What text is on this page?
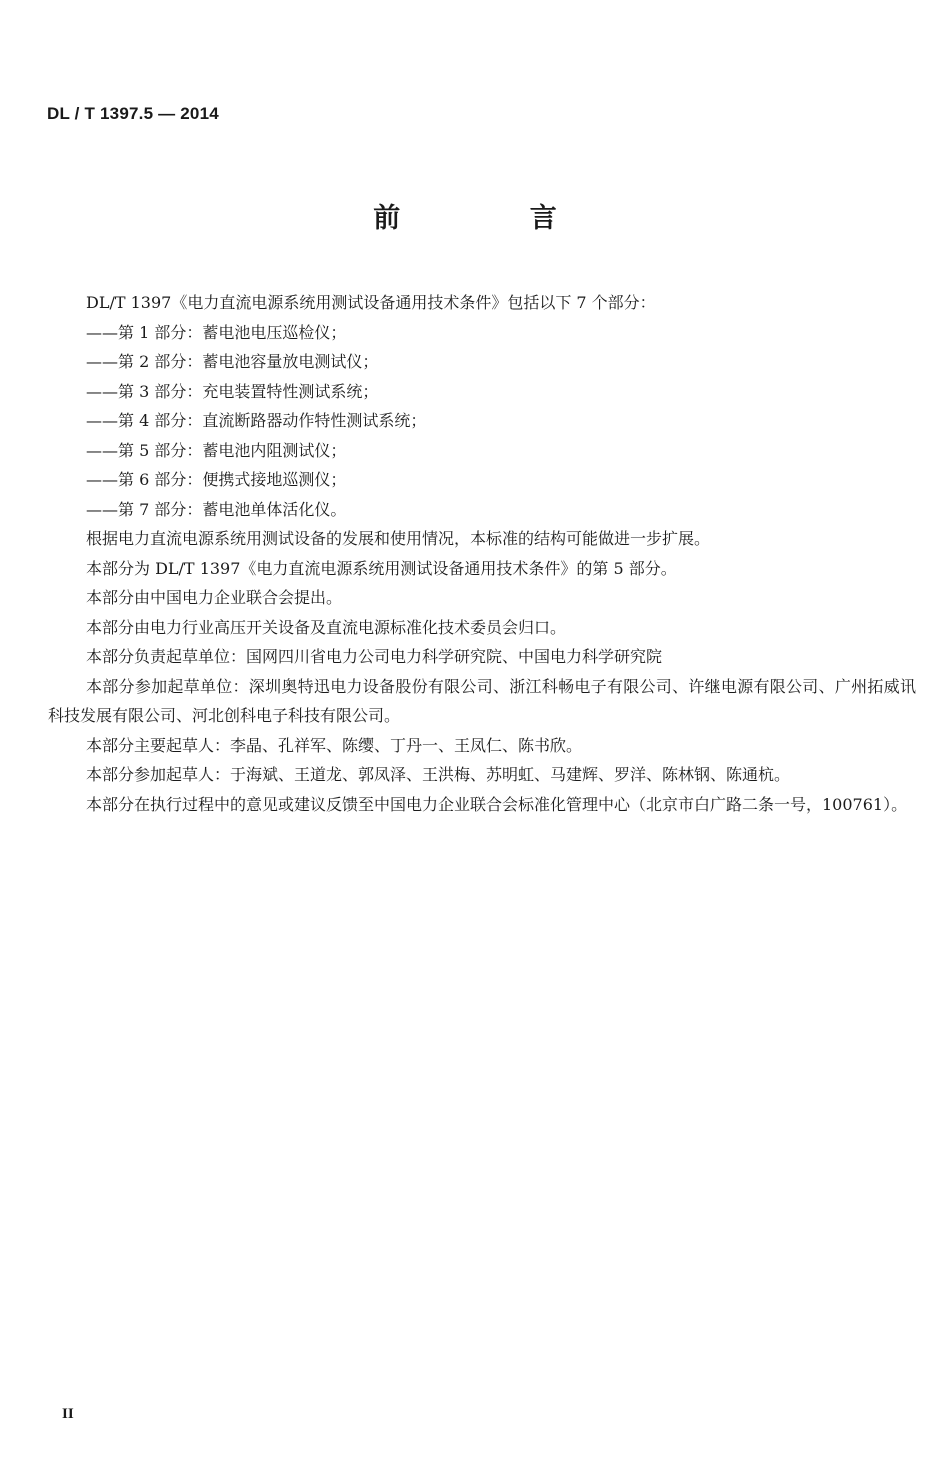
DL / T 1397.5 — 2014
前 言

DL/T 1397《电力直流电源系统用测试设备通用技术条件》包括以下 7 个部分：

——第 1 部分：蓄电池电压巡检仪；

——第 2 部分：蓄电池容量放电测试仪；

——第 3 部分：充电装置特性测试系统；

——第 4 部分：直流断路器动作特性测试系统；

——第 5 部分：蓄电池内阻测试仪；

——第 6 部分：便携式接地巡测仪；

——第 7 部分：蓄电池单体活化仪。

根据电力直流电源系统用测试设备的发展和使用情况，本标准的结构可能做进一步扩展。

本部分为 DL/T 1397《电力直流电源系统用测试设备通用技术条件》的第 5 部分。

本部分由中国电力企业联合会提出。

本部分由电力行业高压开关设备及直流电源标准化技术委员会归口。

本部分负责起草单位：国网四川省电力公司电力科学研究院、中国电力科学研究院

本部分参加起草单位：深圳奥特迅电力设备股份有限公司、浙江科畅电子有限公司、许继电源有限公司、广州拓威讯科技发展有限公司、河北创科电子科技有限公司。

本部分主要起草人：李晶、孔祥军、陈缨、丁丹一、王凤仁、陈书欣。

本部分参加起草人：于海斌、王道龙、郭凤泽、王洪梅、苏明虹、马建辉、罗洋、陈林钢、陈通杭。

本部分在执行过程中的意见或建议反馈至中国电力企业联合会标准化管理中心（北京市白广路二条一号，100761）。

II
